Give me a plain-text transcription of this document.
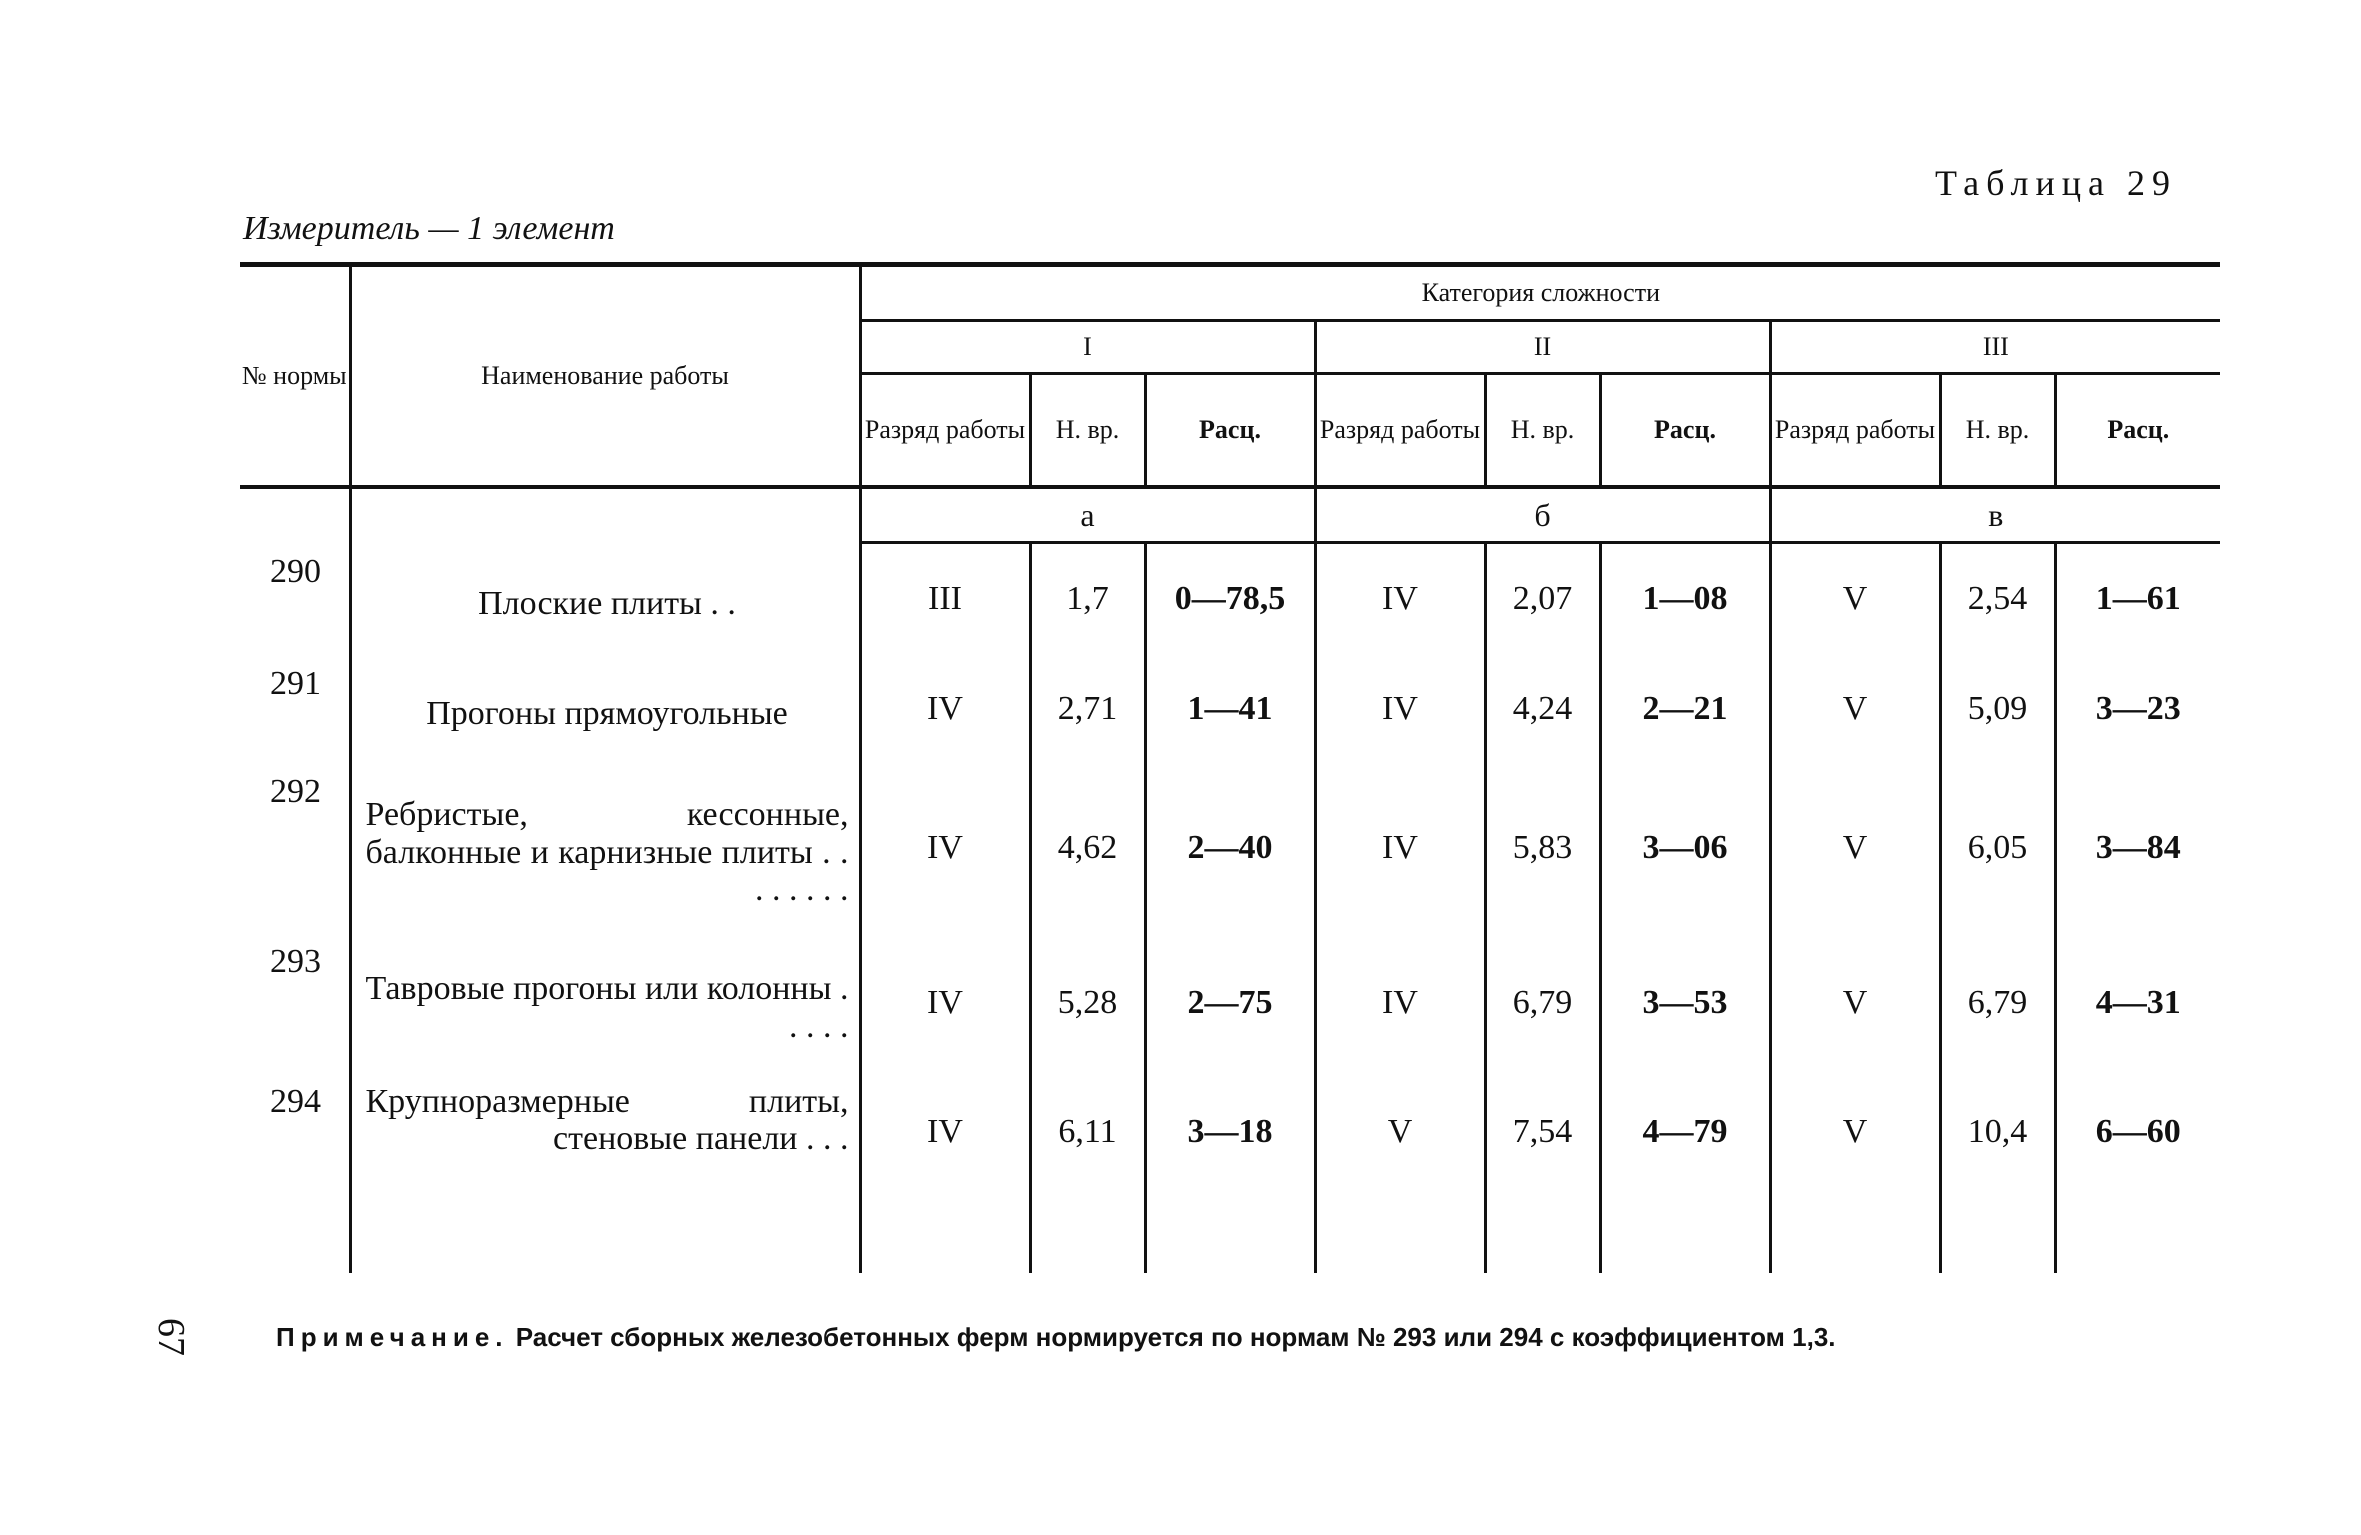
Таблица 29
Измеритель — 1 элемент
№ нормы	Наименование работы	Категория сложности								
		I			II			III		
		Разряд работы	Н. вр.	Расц.	Разряд работы	Н. вр.	Расц.	Разряд работы	Н. вр.	Расц.
		а			б			в		
290	Плоские плиты . .	III	1,7	0—78,5	IV	2,07	1—08	V	2,54	1—61
291	Прогоны прямоугольные	IV	2,71	1—41	IV	4,24	2—21	V	5,09	3—23
292	Ребристые, кессонные, балконные и карнизные плиты . . . . . . . .	IV	4,62	2—40	IV	5,83	3—06	V	6,05	3—84
293	Тавровые прогоны или колонны . . . . .	IV	5,28	2—75	IV	6,79	3—53	V	6,79	4—31
294	Крупноразмерные плиты, стеновые панели . . .	IV	6,11	3—18	V	7,54	4—79	V	10,4	6—60
67	Примечание. Расчет сборных железобетонных ферм нормируется по нормам № 293 или 294 с коэффициентом 1,3.
